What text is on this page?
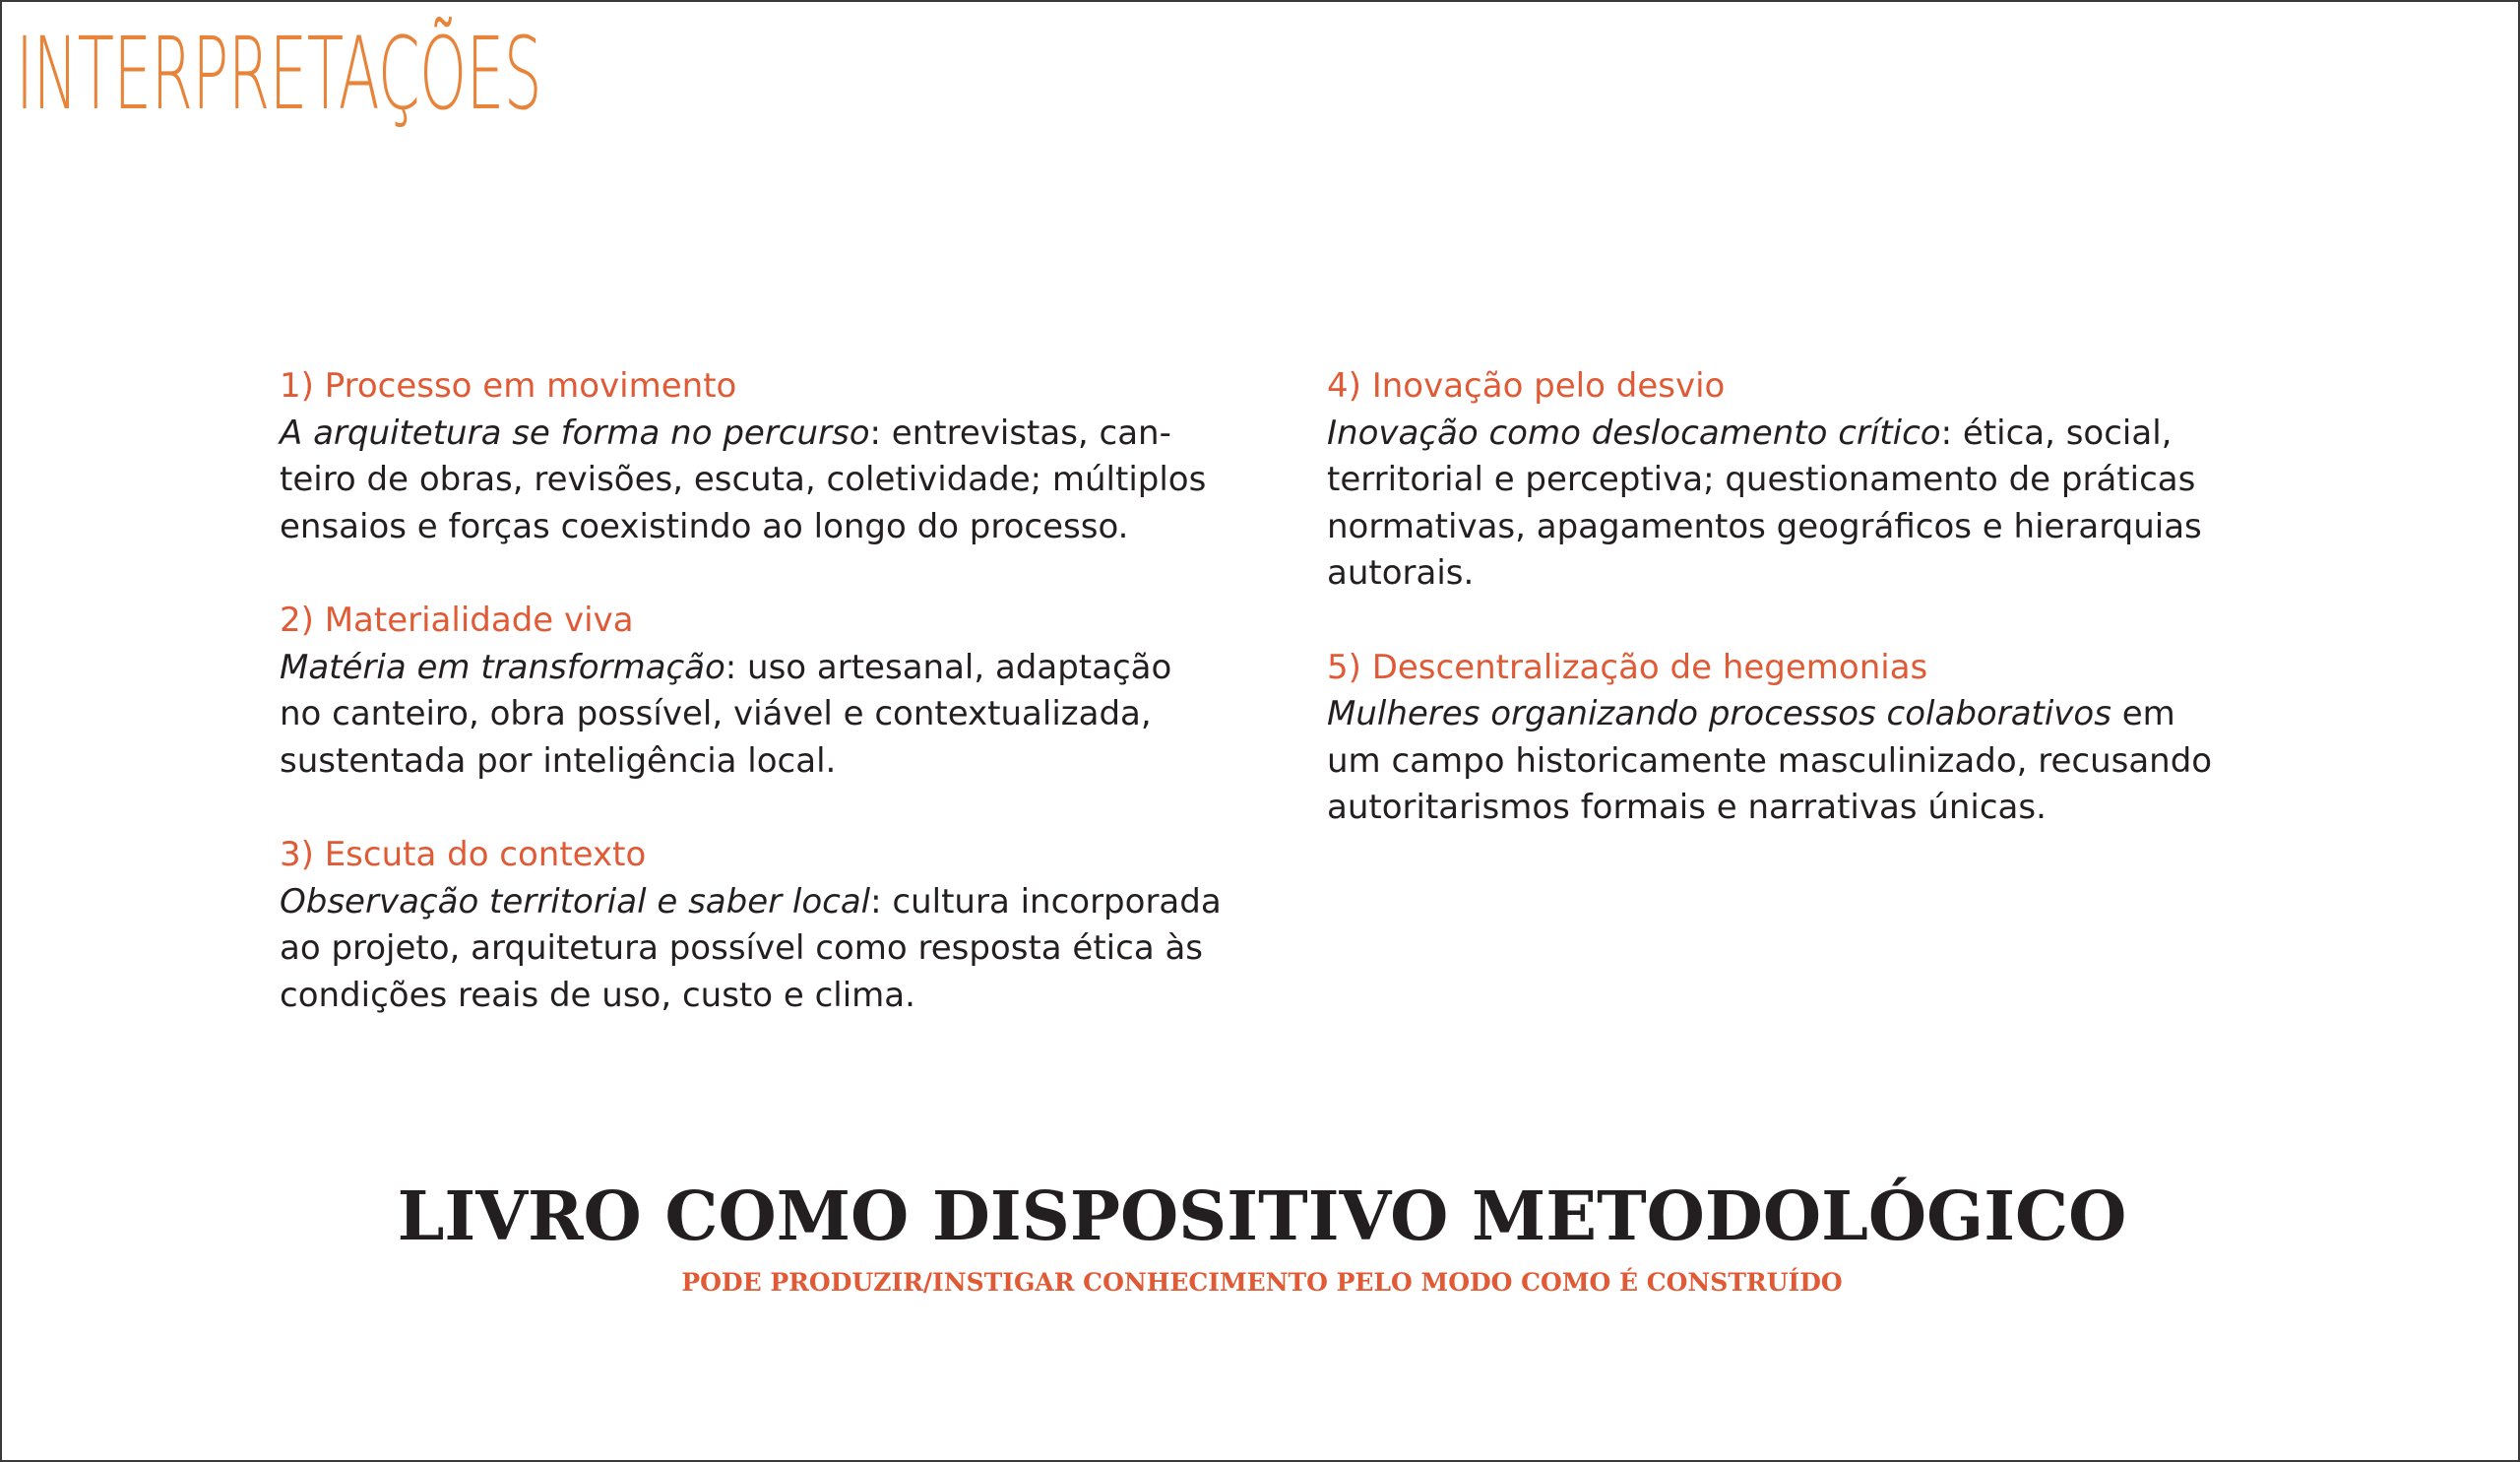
INTERPRETAÇÕES
1) Processo em movimento
A arquitetura se forma no percurso: entrevistas, can-
teiro de obras, revisões, escuta, coletividade; múltiplos
ensaios e forças coexistindo ao longo do processo.
2) Materialidade viva
Matéria em transformação: uso artesanal, adaptação
no canteiro, obra possível, viável e contextualizada,
sustentada por inteligência local.
3) Escuta do contexto
Observação territorial e saber local: cultura incorporada
ao projeto, arquitetura possível como resposta ética às
condições reais de uso, custo e clima.
4) Inovação pelo desvio
Inovação como deslocamento crítico: ética, social,
territorial e perceptiva; questionamento de práticas
normativas, apagamentos geográficos e hierarquias
autorais.
5) Descentralização de hegemonias
Mulheres organizando processos colaborativos em
um campo historicamente masculinizado, recusando
autoritarismos formais e narrativas únicas.
LIVRO COMO DISPOSITIVO METODOLÓGICO

PODE PRODUZIR/INSTIGAR CONHECIMENTO PELO MODO COMO É CONSTRUÍDO
